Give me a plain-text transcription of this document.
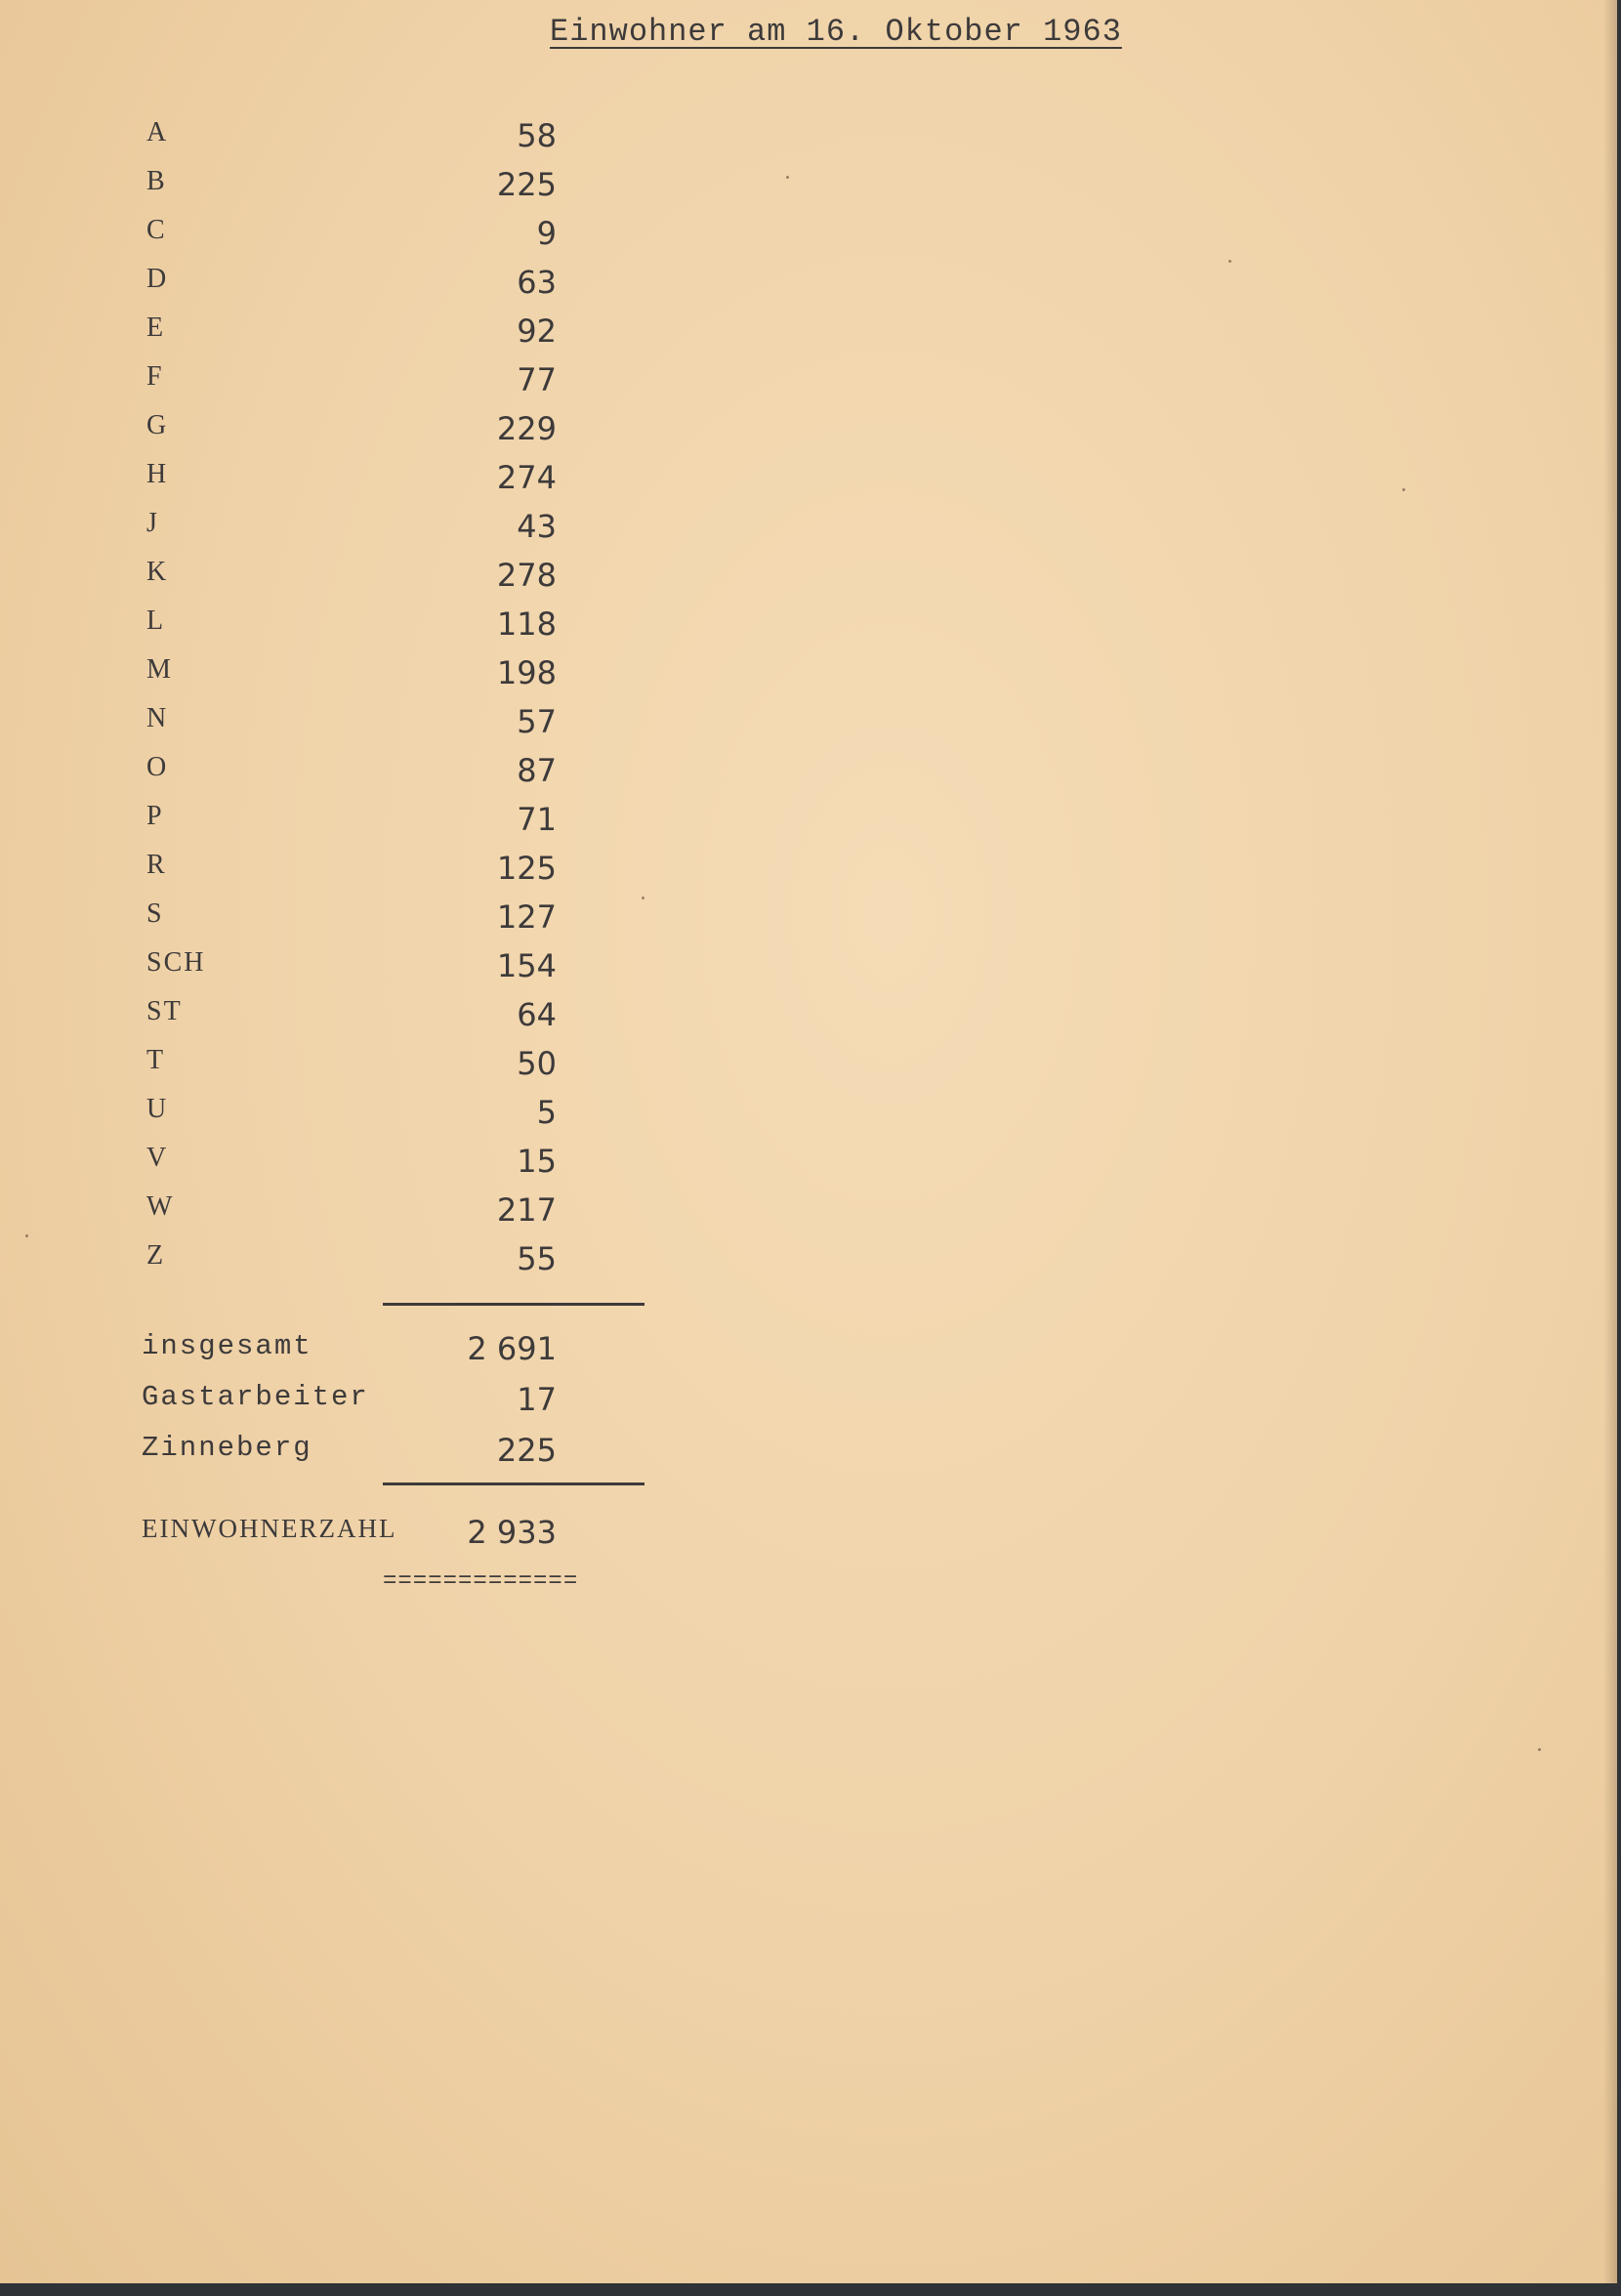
Einwohner am 16. Oktober 1963
A	58
B	225
C	9
D	63
E	92
F	77
G	229
H	274
J	43
K	278
L	118
M	198
N	57
O	87
P	71
R	125
S	127
SCH	154
ST	64
T	50
U	5
V	15
W	217
Z	55
insgesamt	2 691
Gastarbeiter	17
Zinneberg	225
EINWOHNERZAHL 2 933
=============
